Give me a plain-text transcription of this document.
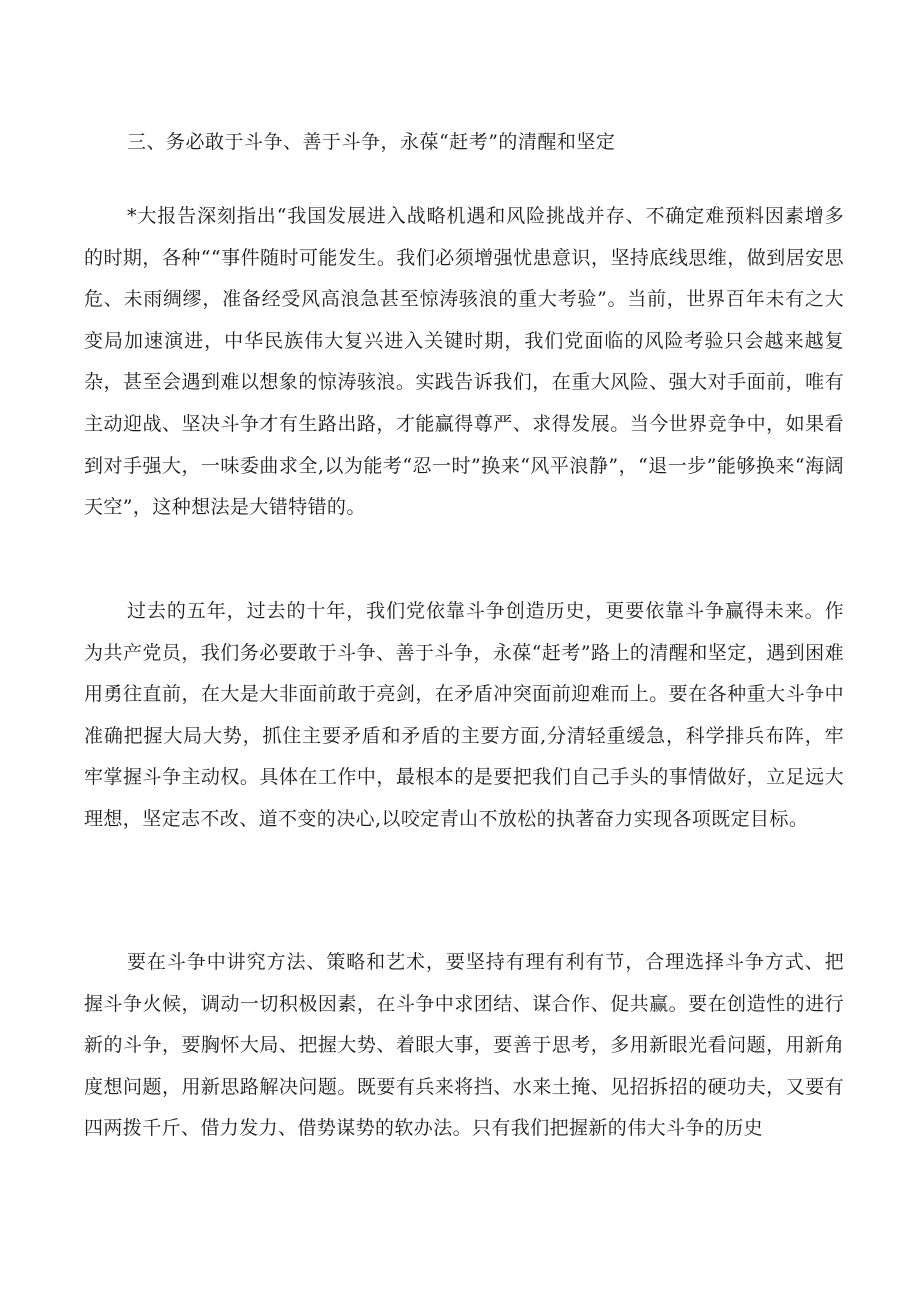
三、务必敢于斗争、善于斗争，永葆“赶考”的清醒和坚定

*大报告深刻指出“我国发展进入战略机遇和风险挑战并存、不确定难预料因素增多的时期，各种““事件随时可能发生。我们必须增强忧患意识，坚持底线思维，做到居安思危、未雨绸缪，准备经受风高浪急甚至惊涛骇浪的重大考验”。当前，世界百年未有之大变局加速演进，中华民族伟大复兴进入关键时期，我们党面临的风险考验只会越来越复杂，甚至会遇到难以想象的惊涛骇浪。实践告诉我们，在重大风险、强大对手面前，唯有主动迎战、坚决斗争才有生路出路，才能赢得尊严、求得发展。当今世界竞争中，如果看到对手强大，一味委曲求全,以为能考“忍一时”换来“风平浪静”，“退一步”能够换来“海阔天空”，这种想法是大错特错的。

过去的五年，过去的十年，我们党依靠斗争创造历史，更要依靠斗争赢得未来。作为共产党员，我们务必要敢于斗争、善于斗争，永葆“赶考”路上的清醒和坚定，遇到困难用勇往直前，在大是大非面前敢于亮剑，在矛盾冲突面前迎难而上。要在各种重大斗争中准确把握大局大势，抓住主要矛盾和矛盾的主要方面,分清轻重缓急，科学排兵布阵，牢牢掌握斗争主动权。具体在工作中，最根本的是要把我们自己手头的事情做好，立足远大理想，坚定志不改、道不变的决心,以咬定青山不放松的执著奋力实现各项既定目标。

要在斗争中讲究方法、策略和艺术，要坚持有理有利有节，合理选择斗争方式、把握斗争火候，调动一切积极因素，在斗争中求团结、谋合作、促共赢。要在创造性的进行新的斗争，要胸怀大局、把握大势、着眼大事，要善于思考，多用新眼光看问题，用新角度想问题，用新思路解决问题。既要有兵来将挡、水来土掩、见招拆招的硬功夫，又要有四两拨千斤、借力发力、借势谋势的软办法。只有我们把握新的伟大斗争的历史
